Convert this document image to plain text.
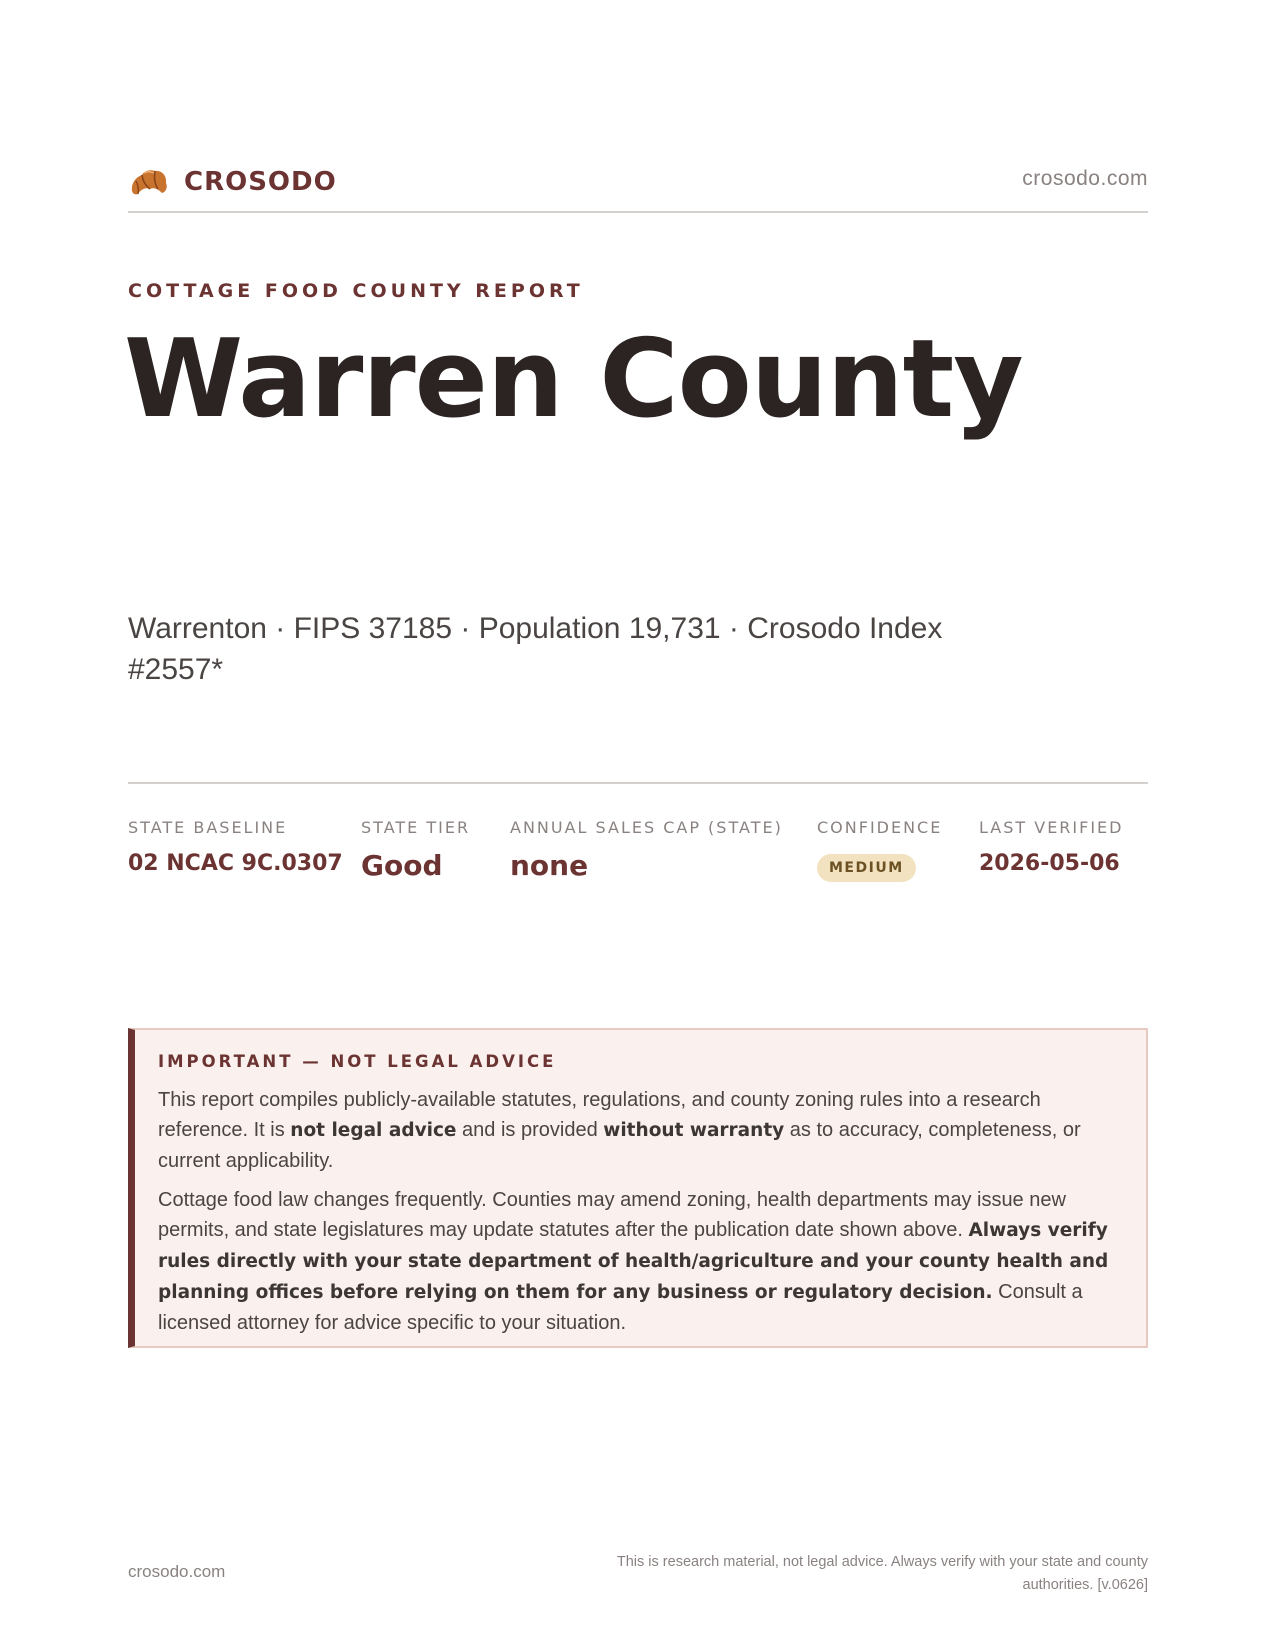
CROSODO	crosodo.com
COTTAGE FOOD COUNTY REPORT
Warren County
Warrenton · FIPS 37185 · Population 19,731 · Crosodo Index #2557*
STATE BASELINE
02 NCAC 9C.0307
STATE TIER
Good
ANNUAL SALES CAP (STATE)
none
CONFIDENCE
MEDIUM
LAST VERIFIED
2026-05-06
IMPORTANT — NOT LEGAL ADVICE

This report compiles publicly-available statutes, regulations, and county zoning rules into a research reference. It is not legal advice and is provided without warranty as to accuracy, completeness, or current applicability.

Cottage food law changes frequently. Counties may amend zoning, health departments may issue new permits, and state legislatures may update statutes after the publication date shown above. Always verify rules directly with your state department of health/agriculture and your county health and planning offices before relying on them for any business or regulatory decision. Consult a licensed attorney for advice specific to your situation.

crosodo.com	This is research material, not legal advice. Always verify with your state and county authorities. [v.0626]
